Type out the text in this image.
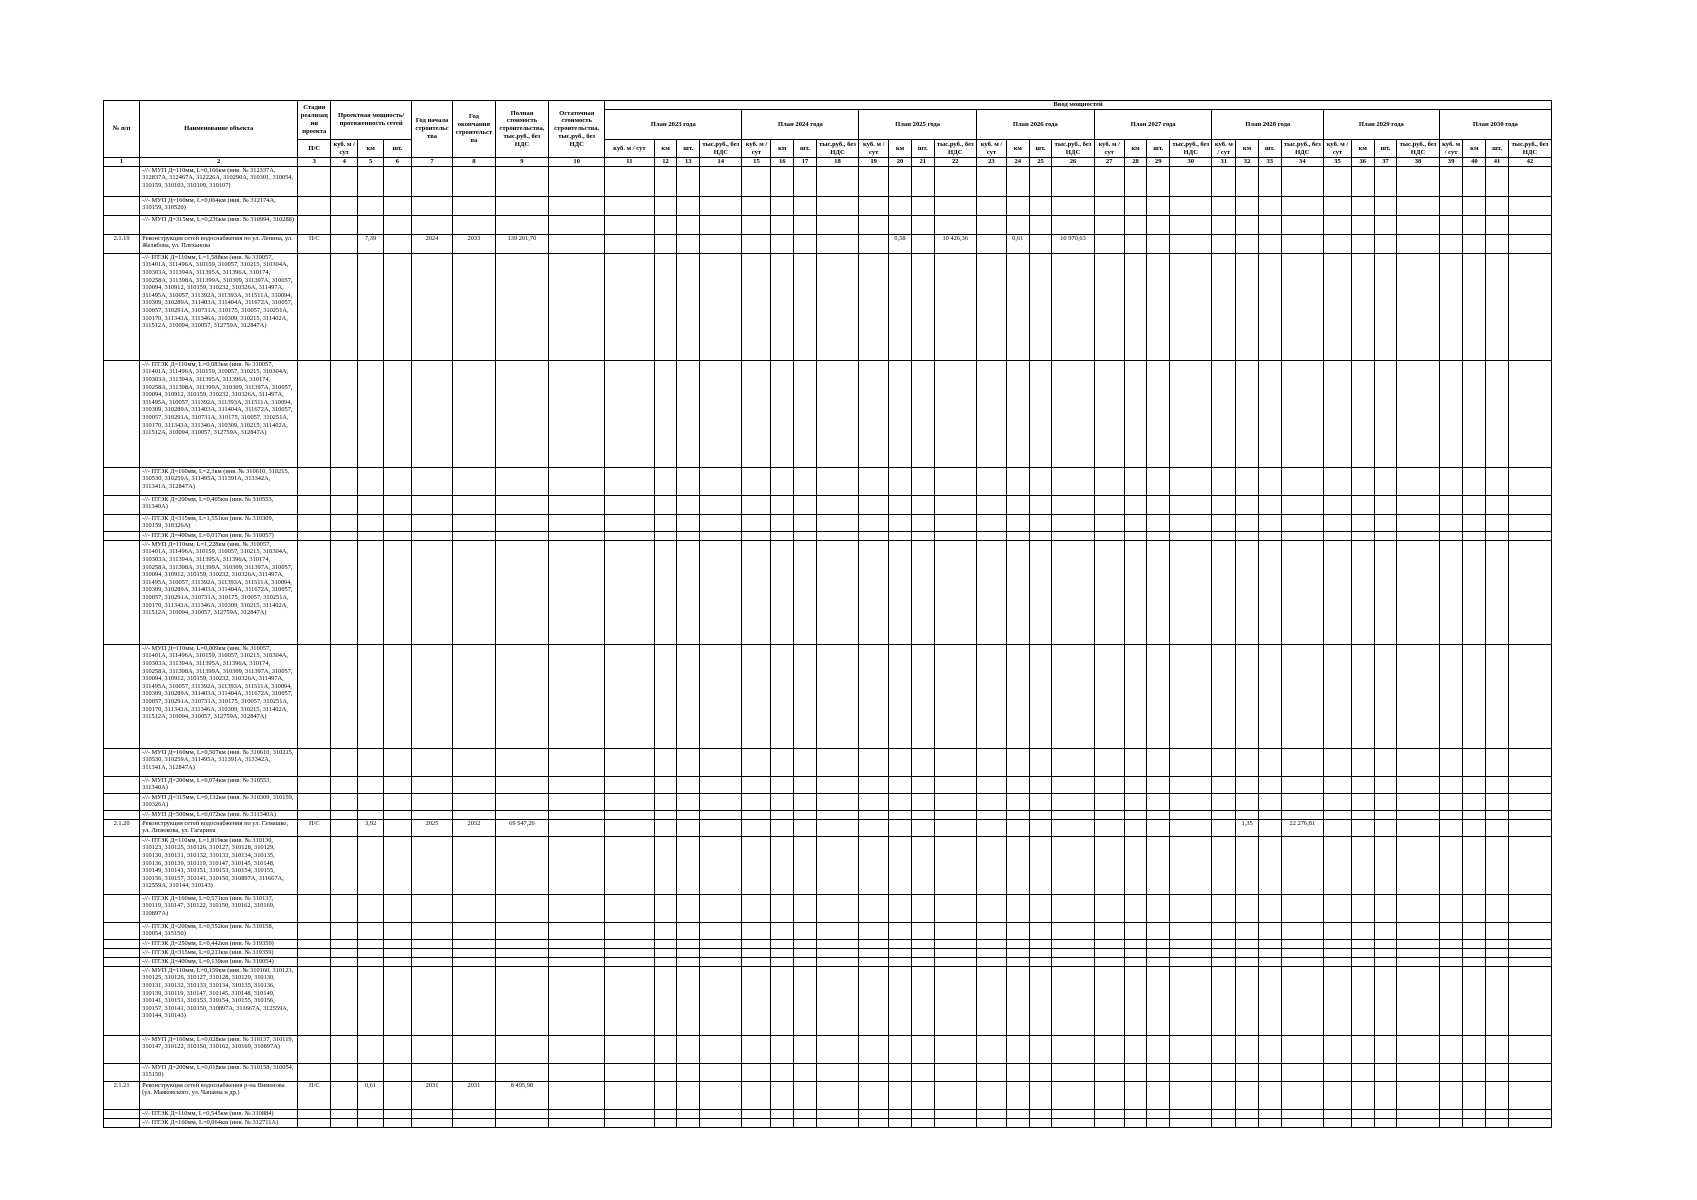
№ п/п	Наименование объекта	Стадия реализации проекта	Проектная мощность/ протяженность сетей			Год начала строительства	Год окончания строительства	Полная стоимость строительства, тыс.руб., без НДС	Остаточная стоимость строительства, тыс.руб., без НДС	Ввод мощностей																															
										План 2023 года				План 2024 года				План 2025 года				План 2026 года				План 2027 года				План 2028 года				План 2029 года				План 2030 года			
		П/С	куб. м / сут	км	шт.					куб. м / сут	км	шт.	тыс.руб., без НДС	куб. м / сут	км	шт.	тыс.руб., без НДС	куб. м / сут	км	шт.	тыс.руб., без НДС	куб. м / сут	км	шт.	тыс.руб., без НДС	куб. м / сут	км	шт.	тыс.руб., без НДС	куб. м / сут	км	шт.	тыс.руб., без НДС	куб. м / сут	км	шт.	тыс.руб., без НДС	куб. м / сут	км	шт.	тыс.руб., без НДС
1	2	3	4	5	6	7	8	9	10	11	12	13	14	15	16	17	18	19	20	21	22	23	24	25	26	27	28	29	30	31	32	33	34	35	36	37	38	39	40	41	42
	-//- МУП Д=110мм, L=0,166км (инв. № 312337А, 312837А, 312467А, 312226А, 310290А, 310301, 310054, 310159, 310103, 310109, 310107)																																								
	-//- МУП Д=160мм, L=0,064км (инв. № 312174А, 310159, 310520)																																								
	-//- МУП Д=315мм, L=0,236км (инв. № 310994, 310288)																																								
2.1.19	Реконструкция сетей водоснабжения по ул. Ленина, ул. Желябова, ул. Плеханова	П/С		7,39		2024	2033	139 201,70											0,58		10 426,36		0,61		10 970,63																
	-//- ПТЭК Д=110мм, L=1,588км (инв. № 310057, 311401А, 311496А, 310159, 310057, 310215, 310304А, 310303А, 311394А, 311395А, 311396А, 310174, 310258А, 311398А, 311399А, 310309, 311397А, 310057, 310094, 310912, 310159, 310232, 310326А, 311497А, 311495А, 310057, 311392А, 311393А, 311511А, 310094, 310309, 310289А, 311403А, 311404А, 311672А, 310057, 310057, 310291А, 310731А, 310175, 310057, 310251А, 310170, 311343А, 311346А, 310309, 310215, 311402А, 311512А, 310094, 310057, 312759А, 312847А)																																								
	-//- ПТЭК Д=110мм, L=0,083км (инв. № 310057, 311401А, 311496А, 310159, 310057, 310215, 310304А, 310303А, 311394А, 311395А, 311396А, 310174, 310258А, 311398А, 311399А, 310309, 311397А, 310057, 310094, 310912, 310159, 310232, 310326А, 311497А, 311495А, 310057, 311392А, 311393А, 311511А, 310094, 310309, 310289А, 311403А, 311404А, 311672А, 310057, 310057, 310291А, 310731А, 310175, 310057, 310251А, 310170, 311343А, 311346А, 310309, 310215, 311402А, 311512А, 310094, 310057, 312759А, 312847А)																																								
	-//- ПТЭК Д=160мм, L=2,3км (инв. № 310610, 310215, 310530, 310259А, 311495А, 311391А, 313342А, 311341А, 312847А)																																								
	-//- ПТЭК Д=200мм, L=0,405км (инв. № 310553, 311340А)																																								
	-//- ПТЭК Д=315мм, L=1,551км (инв. № 310309, 310159, 310326А)																																								
	-//- ПТЭК Д=400мм, L=0,017км (инв. № 310057)																																								
	-//- МУП Д=110мм, L=1,228км (инв. № 310057, 311401А, 311496А, 310159, 310057, 310215, 310304А, 310303А, 311394А, 311395А, 311396А, 310174, 310258А, 311398А, 311399А, 310309, 311397А, 310057, 310094, 310912, 310159, 310232, 310326А, 311497А, 311495А, 310057, 311392А, 311393А, 311511А, 310094, 310309, 310289А, 311403А, 311404А, 311672А, 310057, 310057, 310291А, 310731А, 310175, 310057, 310251А, 310170, 311343А, 311346А, 310309, 310215, 311402А, 311512А, 310094, 310057, 312759А, 312847А)																																								
	-//- МУП Д=110мм, L=0,009км (инв. № 310057, 311401А, 311496А, 310159, 310057, 310215, 310304А, 310303А, 311394А, 311395А, 311396А, 310174, 310258А, 311398А, 311399А, 310309, 311397А, 310057, 310094, 310912, 310159, 310232, 310326А, 311497А, 311495А, 310057, 311392А, 311393А, 311511А, 310094, 310309, 310289А, 311403А, 311404А, 311672А, 310057, 310057, 310291А, 310731А, 310175, 310057, 310251А, 310170, 311343А, 311346А, 310309, 310215, 311402А, 311512А, 310094, 310057, 312759А, 312847А)																																								
	-//- МУП Д=160мм, L=0,507км (инв. № 310610, 310215, 310530, 310259А, 311495А, 311391А, 313342А, 311341А, 312847А)																																								
	-//- МУП Д=200мм, L=0,074км (инв. № 310553, 311340А)																																								
	-//- МУП Д=315мм, L=0,132км (инв. № 310309, 310159, 310326А)																																								
	-//- МУП Д=500мм, L=0,072км (инв. № 311340А)																																								
2.1.20	Реконструкция сетей водоснабжения по ул. Семашко, ул. Лизюкова, ул. Гагарина	П/С		3,92		2025	2032	69 547,26																							1,35		22 276,81								
	-//- ПТЭК Д=110мм, L=1,819км (инв. № 310130, 310123, 310125, 310126, 310127, 310128, 310129, 310130, 310131, 310132, 310133, 310134, 310135, 310136, 310139, 310119, 310147, 310145, 310148, 310149, 310141, 310151, 310153, 310154, 310155, 310156, 310157, 310141, 310150, 310897А, 311667А, 312559А, 310144, 310143)																																								
	-//- ПТЭК Д=160мм, L=0,571км (инв. № 310137, 310119, 310147, 310122, 310150, 310162, 310169, 310897А)																																								
	-//- ПТЭК Д=200мм, L=0,552км (инв. № 310158, 310054, 315150)																																								
	-//- ПТЭК Д=250мм, L=0,442км (инв. № 319359)																																								
	-//- ПТЭК Д=315мм, L=0,211км (инв. № 319359)																																								
	-//- ПТЭК Д=400мм, L=0,139км (инв. № 310054)																																								
	-//- МУП Д=110мм, L=0,159км (инв. № 310160, 310123, 310125, 310126, 310127, 310128, 310129, 310130, 310131, 310132, 310133, 310134, 310135, 310136, 310139, 310119, 310147, 310145, 310148, 310149, 310141, 310151, 310153, 310154, 310155, 310156, 310157, 310141, 310150, 310897А, 311667А, 312559А, 310144, 310143)																																								
	-//- МУП Д=160мм, L=0,028км (инв. № 310137, 310119, 310147, 310122, 310150, 310162, 310169, 310897А)																																								
	-//- МУП Д=200мм, L=0,018км (инв. № 310158, 310054, 315150)																																								
2.1.21	Реконструкция сетей водоснабжения р-на Пименова (ул. Маяковского, ул. Чапаева и др.)	П/С		0,61		2031	2031	8 495,98																																	
	-//- ПТЭК Д=110мм, L=0,545км (инв. № 310884)																																								
	-//- ПТЭК Д=160мм, L=0,064км (инв. № 312711А)																																								
